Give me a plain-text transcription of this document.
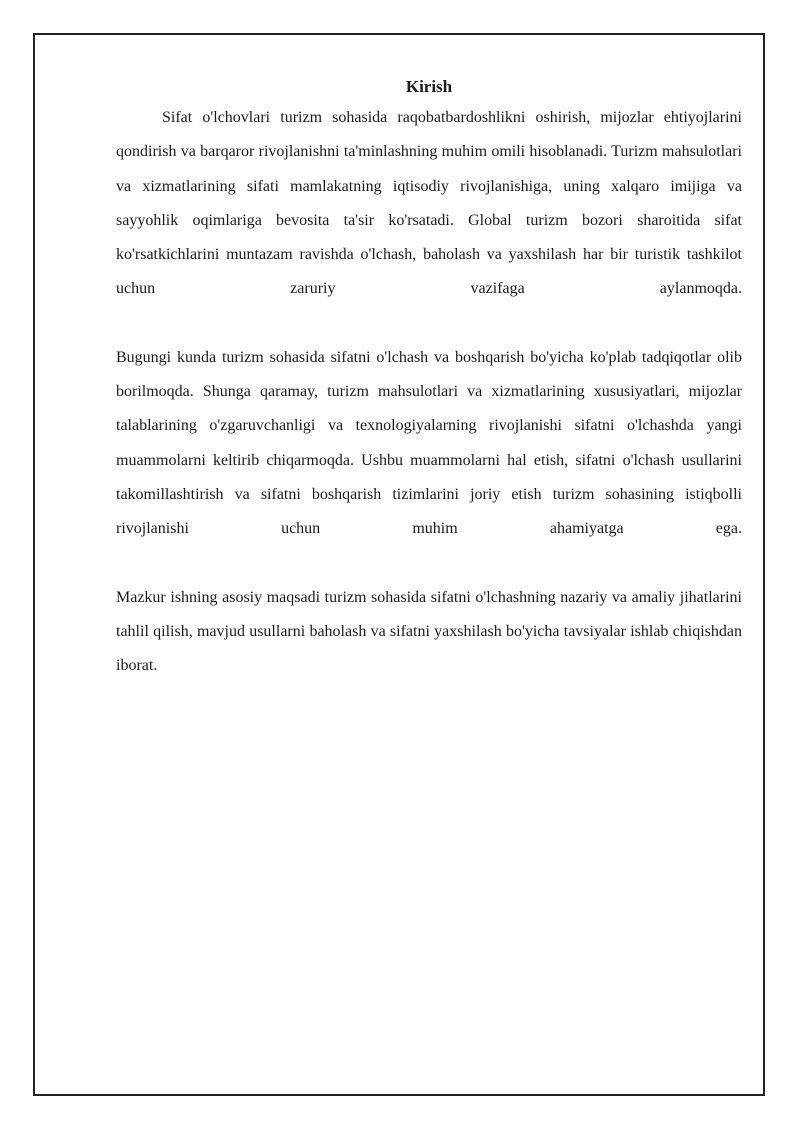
Kirish

Sifat o'lchovlari turizm sohasida raqobatbardoshlikni oshirish, mijozlar ehtiyojlarini qondirish va barqaror rivojlanishni ta'minlashning muhim omili hisoblanadi. Turizm mahsulotlari va xizmatlarining sifati mamlakatning iqtisodiy rivojlanishiga, uning xalqaro imijiga va sayyohlik oqimlariga bevosita ta'sir ko'rsatadi. Global turizm bozori sharoitida sifat ko'rsatkichlarini muntazam ravishda o'lchash, baholash va yaxshilash har bir turistik tashkilot uchun zaruriy vazifaga aylanmoqda.

Bugungi kunda turizm sohasida sifatni o'lchash va boshqarish bo'yicha ko'plab tadqiqotlar olib borilmoqda. Shunga qaramay, turizm mahsulotlari va xizmatlarining xususiyatlari, mijozlar talablarining o'zgaruvchanligi va texnologiyalarning rivojlanishi sifatni o'lchashda yangi muammolarni keltirib chiqarmoqda. Ushbu muammolarni hal etish, sifatni o'lchash usullarini takomillashtirish va sifatni boshqarish tizimlarini joriy etish turizm sohasining istiqbolli rivojlanishi uchun muhim ahamiyatga ega.

Mazkur ishning asosiy maqsadi turizm sohasida sifatni o'lchashning nazariy va amaliy jihatlarini tahlil qilish, mavjud usullarni baholash va sifatni yaxshilash bo'yicha tavsiyalar ishlab chiqishdan iborat.
